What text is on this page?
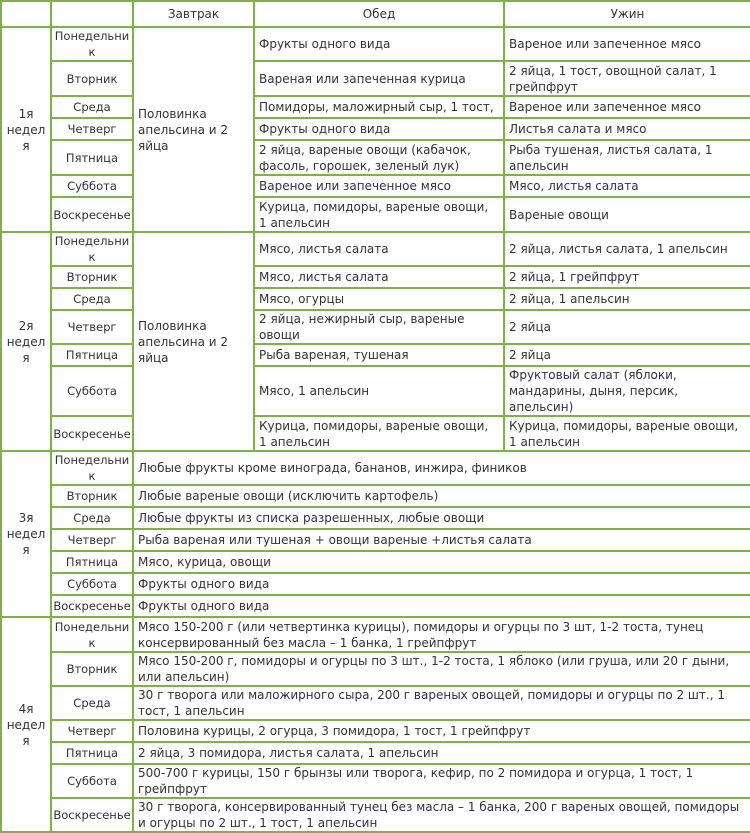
		Завтрак	Обед	Ужин
1я неделя	Понедельник	Половинка апельсина и 2 яйца	Фрукты одного вида	Вареное или запеченное мясо
	Вторник		Вареная или запеченная курица	2 яйца, 1 тост, овощной салат, 1 грейпфрут
	Среда		Помидоры, маложирный сыр, 1 тост,	Вареное или запеченное мясо
	Четверг		Фрукты одного вида	Листья салата и мясо
	Пятница		2 яйца, вареные овощи (кабачок, фасоль, горошек, зеленый лук)	Рыба тушеная, листья салата, 1 апельсин
	Суббота		Вареное или запеченное мясо	Мясо, листья салата
	Воскресенье		Курица, помидоры, вареные овощи, 1 апельсин	Вареные овощи
2я неделя	Понедельник	Половинка апельсина и 2 яйца	Мясо, листья салата	2 яйца, листья салата, 1 апельсин
	Вторник		Мясо, листья салата	2 яйца, 1 грейпфрут
	Среда		Мясо, огурцы	2 яйца, 1 апельсин
	Четверг		2 яйца, нежирный сыр, вареные овощи	2 яйца
	Пятница		Рыба вареная, тушеная	2 яйца
	Суббота		Мясо, 1 апельсин	Фруктовый салат (яблоки, мандарины, дыня, персик, апельсин)
	Воскресенье		Курица, помидоры, вареные овощи, 1 апельсин	Курица, помидоры, вареные овощи, 1 апельсин
3я неделя	Понедельник	Любые фрукты кроме винограда, бананов, инжира, фиников		
	Вторник	Любые вареные овощи (исключить картофель)		
	Среда	Любые фрукты из списка разрешенных, любые овощи		
	Четверг	Рыба вареная или тушеная + овощи вареные +листья салата		
	Пятница	Мясо, курица, овощи		
	Суббота	Фрукты одного вида		
	Воскресенье	Фрукты одного вида		
4я неделя	Понедельник	Мясо 150-200 г (или четвертинка курицы), помидоры и огурцы по 3 шт, 1-2 тоста, тунец консервированный без масла – 1 банка, 1 грейпфрут		
	Вторник	Мясо 150-200 г, помидоры и огурцы по 3 шт., 1-2 тоста, 1 яблоко (или груша, или 20 г дыни, или апельсин)		
	Среда	30 г творога или маложирного сыра, 200 г вареных овощей, помидоры и огурцы по 2 шт., 1 тост, 1 апельсин		
	Четверг	Половина курицы, 2 огурца, 3 помидора, 1 тост, 1 грейпфрут		
	Пятница	2 яйца, 3 помидора, листья салата, 1 апельсин		
	Суббота	500-700 г курицы, 150 г брынзы или творога, кефир, по 2 помидора и огурца, 1 тост, 1 грейпфрут		
	Воскресенье	30 г творога, консервированный тунец без масла – 1 банка, 200 г вареных овощей, помидоры и огурцы по 2 шт., 1 тост, 1 апельсин		
